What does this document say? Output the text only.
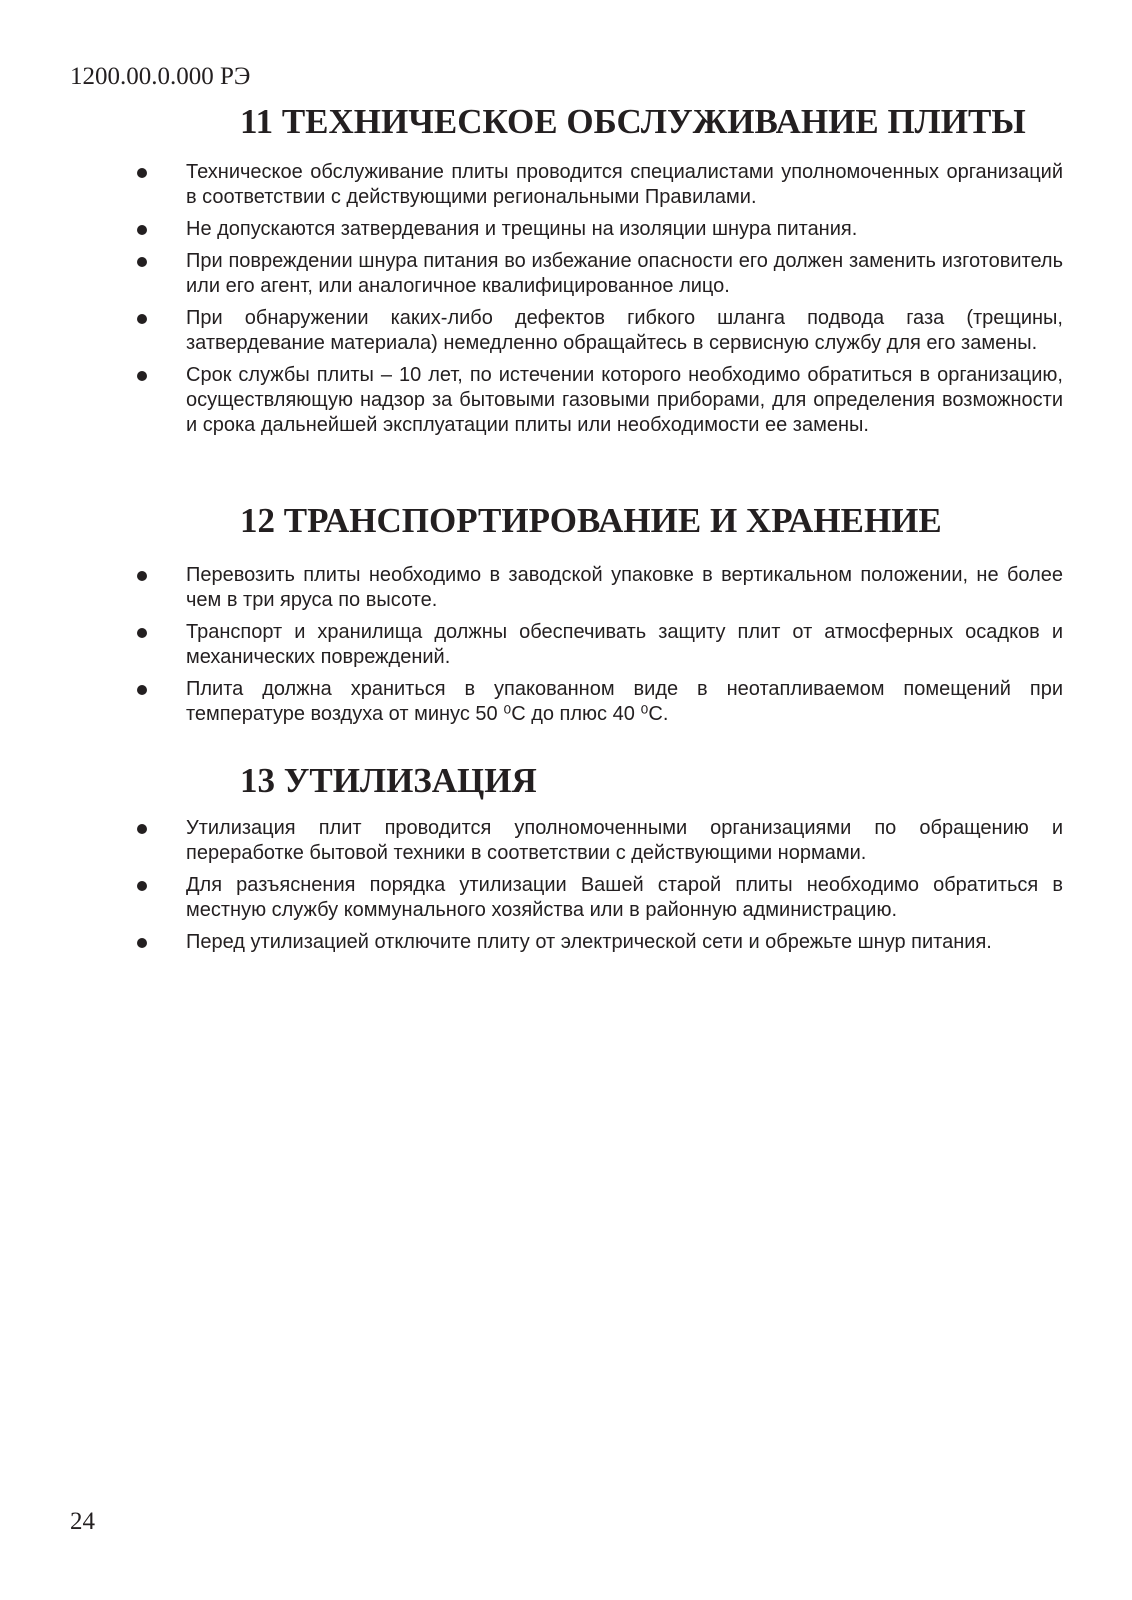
1200.00.0.000 РЭ
11 ТЕХНИЧЕСКОЕ ОБСЛУЖИВАНИЕ ПЛИТЫ
Техническое обслуживание плиты проводится специалистами уполномоченных организаций в соответствии с действующими региональными Правилами.
Не допускаются затвердевания и трещины на изоляции шнура питания.
При повреждении шнура питания во избежание опасности его должен заменить изготовитель или его агент, или аналогичное квалифицированное лицо.
При обнаружении каких-либо дефектов гибкого шланга подвода газа (трещины, затвердевание материала) немедленно обращайтесь в сервисную службу для его замены.
Срок службы плиты – 10 лет, по истечении которого необходимо обратиться в организацию, осуществляющую надзор за бытовыми газовыми приборами, для определения возможности и срока дальнейшей эксплуатации плиты или необходимости ее замены.
12 ТРАНСПОРТИРОВАНИЕ И ХРАНЕНИЕ
Перевозить плиты необходимо в заводской упаковке в вертикальном положении, не более чем в три яруса по высоте.
Транспорт и хранилища должны обеспечивать защиту плит от атмосферных осадков и механических повреждений.
Плита должна храниться в упакованном виде в неотапливаемом помещений при температуре воздуха от минус 50 ⁰С до плюс 40 ⁰С.
13 УТИЛИЗАЦИЯ
Утилизация плит проводится уполномоченными организациями по обращению и переработке бытовой техники в соответствии с действующими нормами.
Для разъяснения порядка утилизации Вашей старой плиты необходимо обратиться в местную службу коммунального хозяйства или в районную администрацию.
Перед утилизацией отключите плиту от электрической сети и обрежьте шнур питания.
24
